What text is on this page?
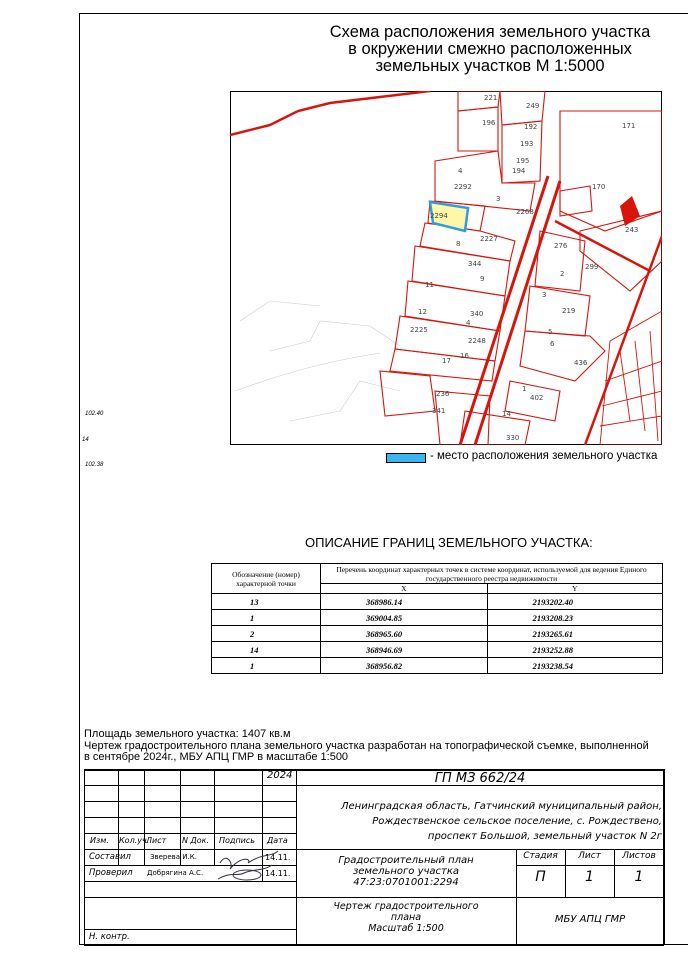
Схема расположения земельного участка
в окружении смежно расположенных
земельных участков М 1:5000
221
249
192
196
193
195
194
171
170
4
2292
3
2268
243
2294
8
2227
276
299
344
9
2
11
3
219
340
12
4
5
2225
6
2248
17
16
436
1
402
236
341	14
330
102.40
14
102.38
- место расположения земельного участка
ОПИСАНИЕ ГРАНИЦ ЗЕМЕЛЬНОГО УЧАСТКА:
Обозначение (номер) характерной точки	Перечень координат характерных точек в системе координат, используемой для ведения Единого государственного реестра недвижимости	
	X	Y
13	368986.14	2193202.40
1	369004.85	2193208.23
2	368965.60	2193265.61
14	368946.69	2193252.88
1	368956.82	2193238.54
Площадь земельного участка: 1407 кв.м
Чертеж градостроительного плана земельного участка разработан на топографической съемке, выполненной
в сентябре 2024г., МБУ АПЦ ГМР в масштабе 1:500
2024	ГП МЗ 662/24
Ленинградская область, Гатчинский муниципальный район,
Рождественское сельское поселение, с. Рождествено,
проспект Большой, земельный участок N 2г
Изм. Кол.уч.
Лист N Док. Подпись Дата
Составил	Зверева И.К.	14.11.
Проверил Добрягина А.С.	14.11.
Н. контр.
Градостроительный план
земельного участка
47:23:0701001:2294
Стадия	Лист	Листов
П	1	1
Чертеж градостроительного
плана
Масштаб 1:500
МБУ АПЦ ГМР
